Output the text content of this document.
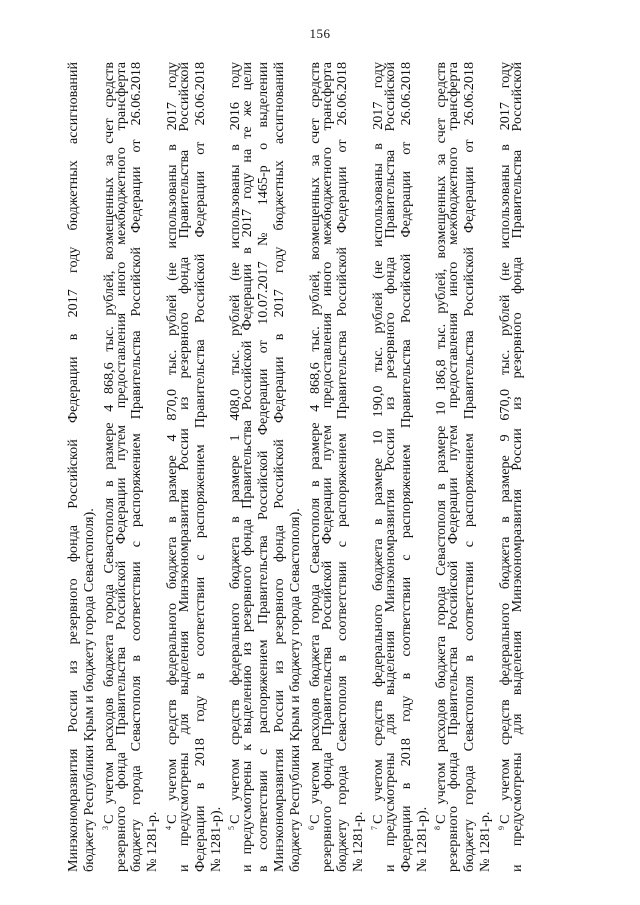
156
Минэкономразвития России из резервного фонда Российской Федерации в 2017 году бюджетных ассигнований бюджету Республики Крым и бюджету города Севастополя). $^3$С учетом расходов бюджета города Севастополя в размере 4 868,6 тыс. рублей, возмещенных за счет средств
резервного фонда Правительства Российской Федерации путем предоставления иного межбюджетного трансферта бюджету города Севастополя в соответствии с распоряжением Правительства Российской Федерации от 26.06.2018 № 1281-р. $^4$С учетом средств федерального бюджета в размере 4 870,0 тыс. рублей (не использованы в 2017 году
и предусмотрены для выделения Минэкономразвития России из резервного фонда Правительства Российской Федерации в 2018 году в соответствии с распоряжением Правительства Российской Федерации от 26.06.2018 № 1281-р). $^5$С учетом средств федерального бюджета в размере 1 408,0 тыс. рублей (не использованы в 2016 году
и предусмотрены к выделению из резервного фонда Правительства Российской Федерации в 2017 году на те же цели в соответствии с распоряжением Правительства Российской Федерации от 10.07.2017 № 1465-р о выделении Минэкономразвития России из резервного фонда Российской Федерации в 2017 году бюджетных ассигнований бюджету Республики Крым и бюджету города Севастополя). $^6$С учетом расходов бюджета города Севастополя в размере 4 868,6 тыс. рублей, возмещенных за счет средств
резервного фонда Правительства Российской Федерации путем предоставления иного межбюджетного трансферта бюджету города Севастополя в соответствии с распоряжением Правительства Российской Федерации от 26.06.2018 № 1281-р. $^7$С учетом средств федерального бюджета в размере 10 190,0 тыс. рублей (не использованы в 2017 году
и предусмотрены для выделения Минэкономразвития России из резервного фонда Правительства Российской Федерации в 2018 году в соответствии с распоряжением Правительства Российской Федерации от 26.06.2018 № 1281-р). $^8$С учетом расходов бюджета города Севастополя в размере 10 186,8 тыс. рублей, возмещенных за счет средств
резервного фонда Правительства Российской Федерации путем предоставления иного межбюджетного трансферта бюджету города Севастополя в соответствии с распоряжением Правительства Российской Федерации от 26.06.2018 № 1281-р. $^9$С учетом средств федерального бюджета в размере 9 670,0 тыс. рублей (не использованы в 2017 году
и предусмотрены для выделения Минэкономразвития России из резервного фонда Правительства Российской
